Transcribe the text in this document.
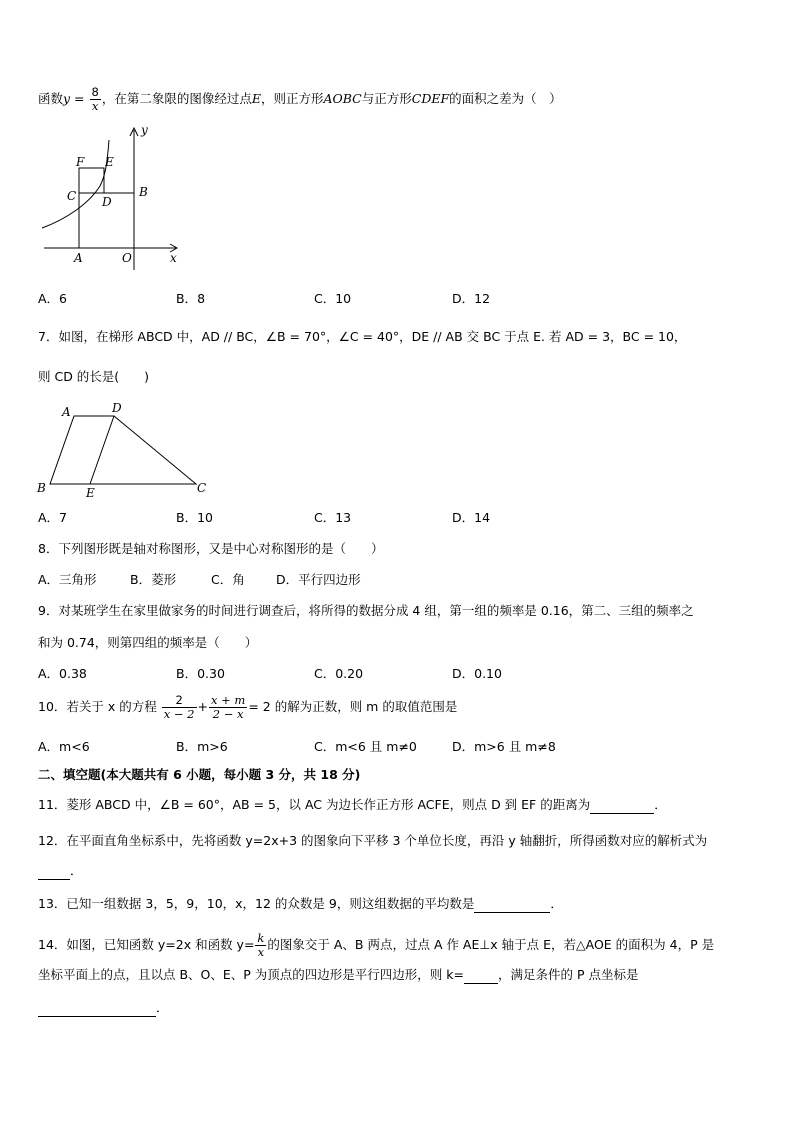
函数$y = \frac{8}{x}$ ，在第二象限的图像经过点E，则正方形AOBC与正方形CDEF的面积之差为（　）
y
x
F E
C D
B
A	O
A．6	B．8	C．10	D．12
7．如图，在梯形 ABCD 中，AD // BC，∠B = 70°，∠C = 40°，DE // AB 交 BC 于点 E. 若 AD = 3，BC = 10，
则 CD 的长是(　　)
A	D
B	E	C
A．7	B．10	C．13	D．14
8．下列图形既是轴对称图形，又是中心对称图形的是（　　）
A．三角形	B．菱形	C．角	D．平行四边形
9．对某班学生在家里做家务的时间进行调查后，将所得的数据分成 4 组，第一组的频率是 0.16，第二、三组的频率之
和为 0.74，则第四组的频率是（　　）
A．0.38	B．0.30	C．0.20	D．0.10
10．若关于 x 的方程 $\frac{2}{x - 2} + \frac{x + m}{2 - x} = 2$ 的解为正数，则 m 的取值范围是
A．m<6	B．m>6	C．m<6 且 m≠0	D．m>6 且 m≠8
二、填空题(本大题共有 6 小题，每小题 3 分，共 18 分)
11．菱形 ABCD 中，∠B = 60°，AB = 5，以 AC 为边长作正方形 ACFE，则点 D 到 EF 的距离为	．
12．在平面直角坐标系中，先将函数 y=2x+3 的图象向下平移 3 个单位长度，再沿 y 轴翻折，所得函数对应的解析式为
．
13．已知一组数据 3，5，9，10，x，12 的众数是 9，则这组数据的平均数是	．
14．如图，已知函数 y=2x 和函数 $y= \frac{k}{x}$ 的图象交于 A、B 两点，过点 A 作 AE⊥x 轴于点 E，若△AOE 的面积为 4，P 是
坐标平面上的点，且以点 B、O、E、P 为顶点的四边形是平行四边形，则 k=	，满足条件的 P 点坐标是
．
